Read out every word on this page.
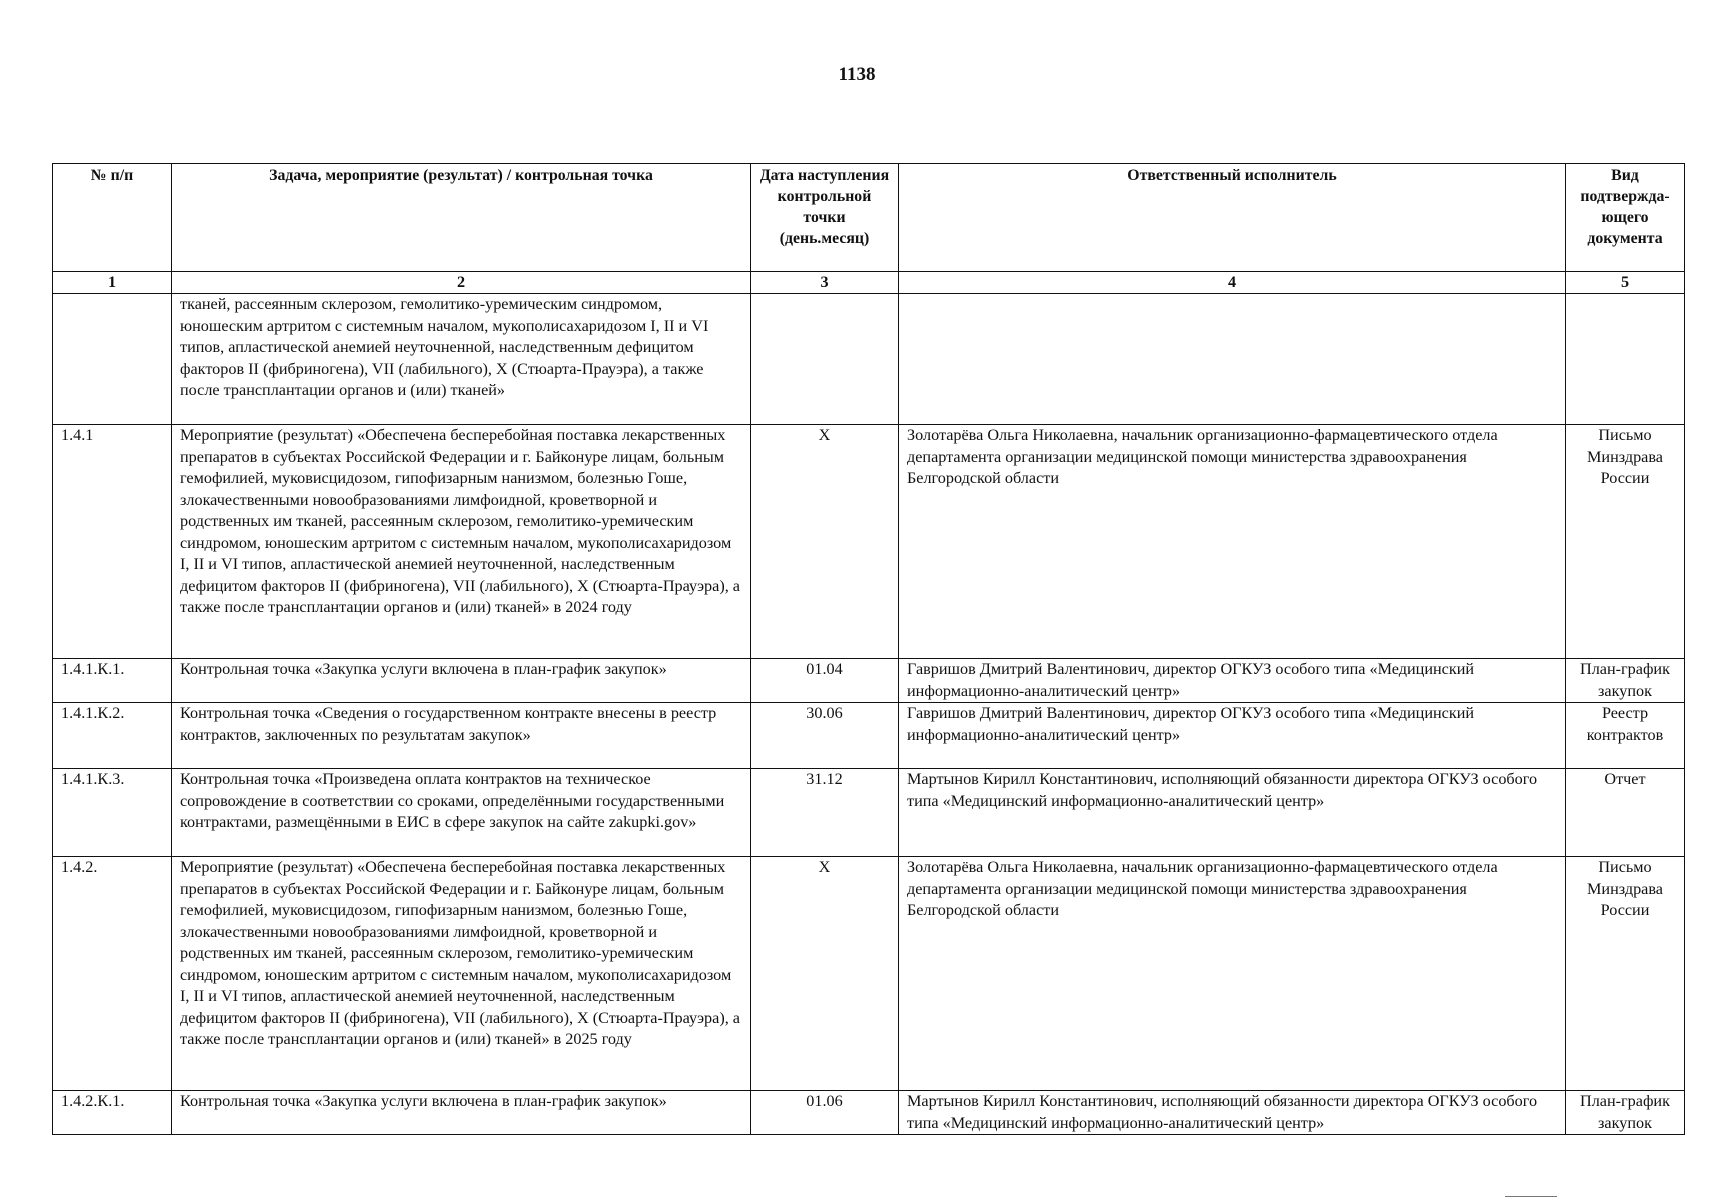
1138
№ п/п	Задача, мероприятие (результат) / контрольная точка	Дата наступления контрольной точки (день.месяц)	Ответственный исполнитель	Вид подтвержда-ющего документа
1	2	3	4	5
	тканей, рассеянным склерозом, гемолитико-уремическим синдромом, юношеским артритом с системным началом, мукополисахаридозом I, II и VI типов, апластической анемией неуточненной, наследственным дефицитом факторов II (фибриногена), VII (лабильного), X (Стюарта-Прауэра), а также после трансплантации органов и (или) тканей»			
1.4.1	Мероприятие (результат) «Обеспечена бесперебойная поставка лекарственных препаратов в субъектах Российской Федерации и г. Байконуре лицам, больным гемофилией, муковисцидозом, гипофизарным нанизмом, болезнью Гоше, злокачественными новообразованиями лимфоидной, кроветворной и родственных им тканей, рассеянным склерозом, гемолитико-уремическим синдромом, юношеским артритом с системным началом, мукополисахаридозом I, II и VI типов, апластической анемией неуточненной, наследственным дефицитом факторов II (фибриногена), VII (лабильного), X (Стюарта-Прауэра), а также после трансплантации органов и (или) тканей» в 2024 году	X	Золотарёва Ольга Николаевна, начальник организационно-фармацевтического отдела департамента организации медицинской помощи министерства здравоохранения Белгородской области	Письмо Минздрава России
1.4.1.К.1.	Контрольная точка «Закупка услуги включена в план-график закупок»	01.04	Гавришов Дмитрий Валентинович, директор ОГКУЗ особого типа «Медицинский информационно-аналитический центр»	План-график закупок
1.4.1.К.2.	Контрольная точка «Сведения о государственном контракте внесены в реестр контрактов, заключенных по результатам закупок»	30.06	Гавришов Дмитрий Валентинович, директор ОГКУЗ особого типа «Медицинский информационно-аналитический центр»	Реестр контрактов
1.4.1.К.3.	Контрольная точка «Произведена оплата контрактов на техническое сопровождение в соответствии со сроками, определёнными государственными контрактами, размещёнными в ЕИС в сфере закупок на сайте zakupki.gov»	31.12	Мартынов Кирилл Константинович, исполняющий обязанности директора ОГКУЗ особого типа «Медицинский информационно-аналитический центр»	Отчет
1.4.2.	Мероприятие (результат) «Обеспечена бесперебойная поставка лекарственных препаратов в субъектах Российской Федерации и г. Байконуре лицам, больным гемофилией, муковисцидозом, гипофизарным нанизмом, болезнью Гоше, злокачественными новообразованиями лимфоидной, кроветворной и родственных им тканей, рассеянным склерозом, гемолитико-уремическим синдромом, юношеским артритом с системным началом, мукополисахаридозом I, II и VI типов, апластической анемией неуточненной, наследственным дефицитом факторов II (фибриногена), VII (лабильного), X (Стюарта-Прауэра), а также после трансплантации органов и (или) тканей» в 2025 году	X	Золотарёва Ольга Николаевна, начальник организационно-фармацевтического отдела департамента организации медицинской помощи министерства здравоохранения Белгородской области	Письмо Минздрава России
1.4.2.К.1.	Контрольная точка «Закупка услуги включена в план-график закупок»	01.06	Мартынов Кирилл Константинович, исполняющий обязанности директора ОГКУЗ особого типа «Медицинский информационно-аналитический центр»	План-график закупок
